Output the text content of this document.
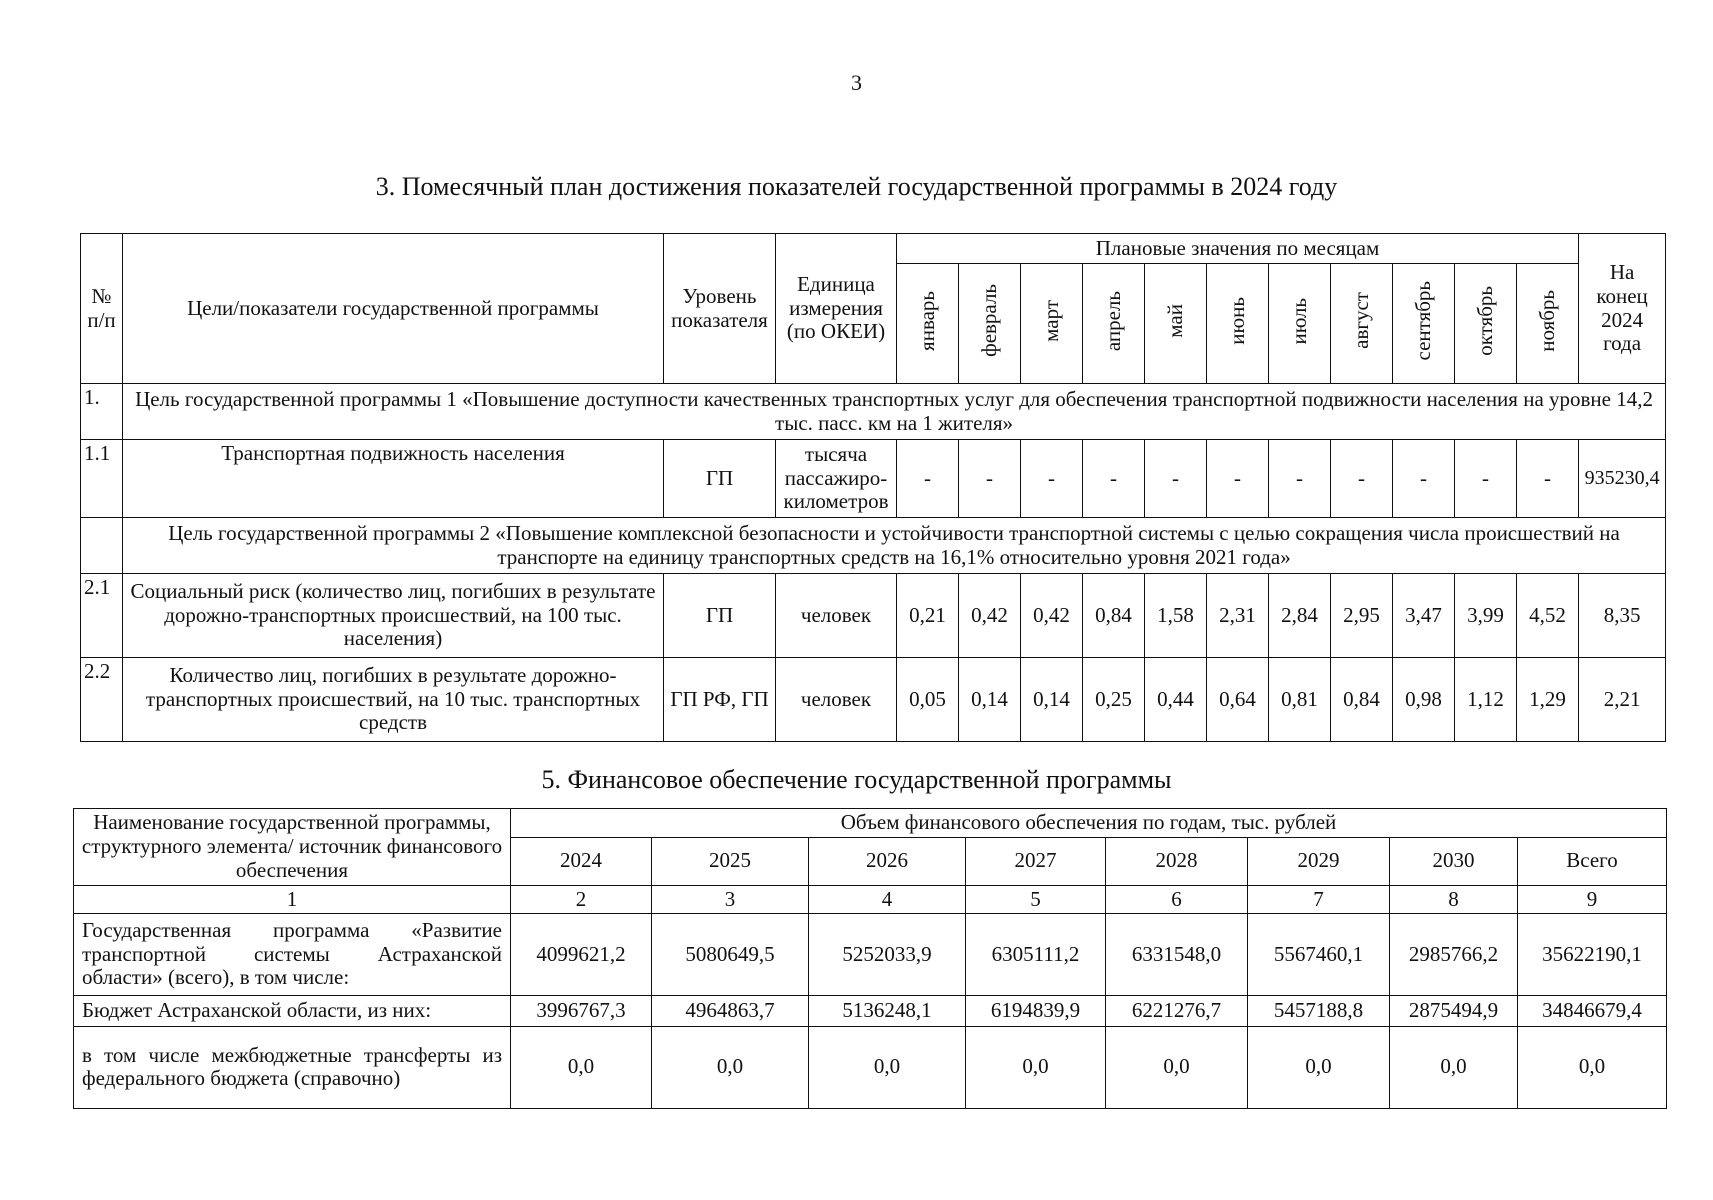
3
3. Помесячный план достижения показателей государственной программы в 2024 году
№ п/п	Цели/показатели государственной программы	Уровень показателя	Единица измерения (по ОКЕИ)	Плановые значения по месяцам											На конец 2024 года
				январь	февраль	март	апрель	май	июнь	июль	август	сентябрь	октябрь	ноябрь	
1.	Цель государственной программы 1 «Повышение доступности качественных транспортных услуг для обеспечения транспортной подвижности населения на уровне 14,2 тыс. пасс. км на 1 жителя»														
1.1	Транспортная подвижность населения	ГП	тысяча пассажиро-километров	-	-	-	-	-	-	-	-	-	-	-	935230,4
	Цель государственной программы 2 «Повышение комплексной безопасности и устойчивости транспортной системы с целью сокращения числа происшествий на транспорте на единицу транспортных средств на 16,1% относительно уровня 2021 года»														
2.1	Социальный риск (количество лиц, погибших в результате дорожно-транспортных происшествий, на 100 тыс. населения)	ГП	человек	0,21	0,42	0,42	0,84	1,58	2,31	2,84	2,95	3,47	3,99	4,52	8,35
2.2	Количество лиц, погибших в результате дорожно-транспортных происшествий, на 10 тыс. транспортных средств	ГП РФ, ГП	человек	0,05	0,14	0,14	0,25	0,44	0,64	0,81	0,84	0,98	1,12	1,29	2,21
5. Финансовое обеспечение государственной программы
Наименование государственной программы, структурного элемента/ источник финансового обеспечения	Объем финансового обеспечения по годам, тыс. рублей							
	2024	2025	2026	2027	2028	2029	2030	Всего
1	2	3	4	5	6	7	8	9
Государственная программа «Развитие транспортной системы Астраханской области» (всего), в том числе:	4099621,2	5080649,5	5252033,9	6305111,2	6331548,0	5567460,1	2985766,2	35622190,1
Бюджет Астраханской области, из них:	3996767,3	4964863,7	5136248,1	6194839,9	6221276,7	5457188,8	2875494,9	34846679,4
в том числе межбюджетные трансферты из федерального бюджета (справочно)	0,0	0,0	0,0	0,0	0,0	0,0	0,0	0,0
